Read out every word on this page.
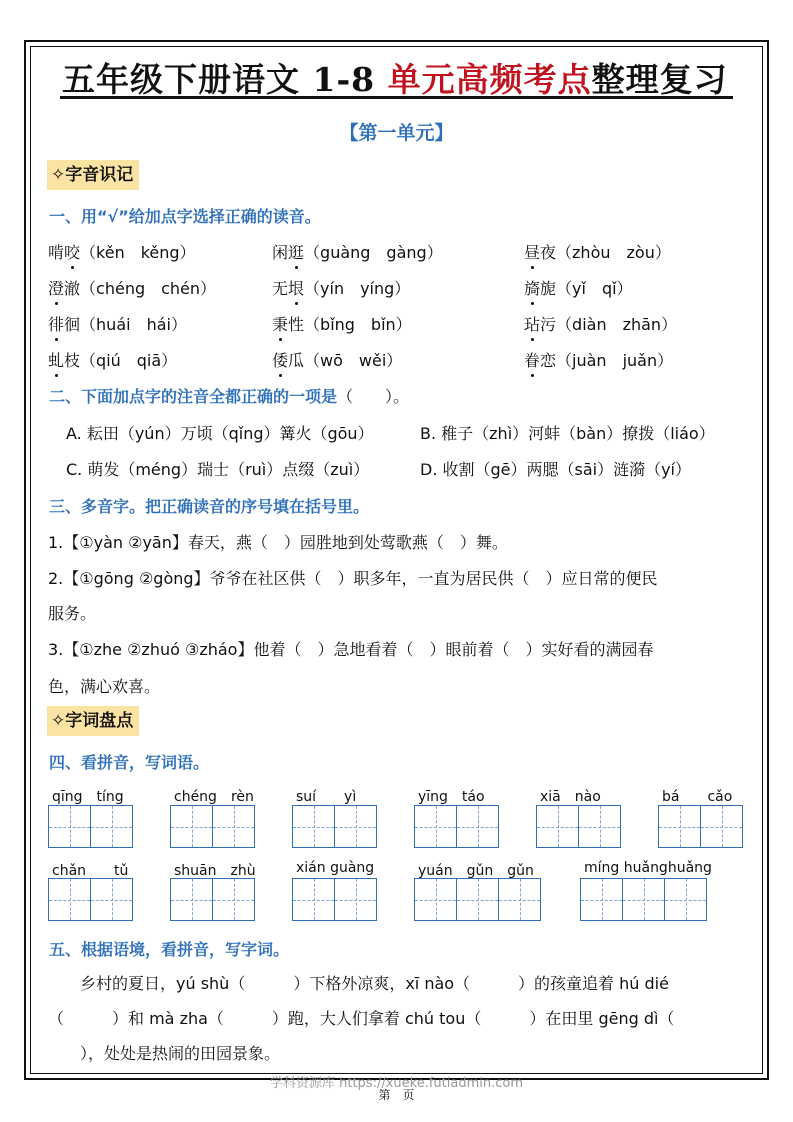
五年级下册语文 1-8 单元高频考点整理复习
【第一单元】
✧字音识记
一、用“√”给加点字选择正确的读音。
啃咬（kěn　kěng）	闲逛（guàng　gàng）	昼夜（zhòu　zòu）
澄澈（chéng　chén）	无垠（yín　yíng）	旖旎（yǐ　qǐ）
徘徊（huái　hái）	秉性（bǐng　bǐn）	玷污（diàn　zhān）
虬枝（qiú　qiā）	倭瓜（wō　wěi）	眷恋（juàn　juǎn）
二、下面加点字的注音全都正确的一项是（　　）。
A. 耘田（yún）万顷（qǐng）篝火（gōu）	B. 稚子（zhì）河蚌（bàn）撩拨（liáo）
C. 萌发（méng）瑞士（ruì）点缀（zuì）	D. 收割（gē）两腮（sāi）涟漪（yí）
三、多音字。把正确读音的序号填在括号里。
1.【①yàn ②yān】春天，燕（　）园胜地到处莺歌燕（　）舞。
2.【①gōng ②gòng】爷爷在社区供（　）职多年，一直为居民供（　）应日常的便民
服务。
3.【①zhe ②zhuó ③zháo】他着（　）急地看着（　）眼前着（　）实好看的满园春
色，满心欢喜。
✧字词盘点
四、看拼音，写词语。
qīng　tíng	chéng　rèn	suí　　yì	yīng　táo	xiā　nào	bá　　cǎo
chǎn　　tǔ	shuān　zhù	xián guàng	yuán　gǔn　gǔn	míng huǎnghuǎng
五、根据语境，看拼音，写字词。
　　乡村的夏日，yú shù（　　　）下格外凉爽，xī nào（　　　）的孩童追着 hú dié
（　　　）和 mà zha（　　　）跑，大人们拿着 chú tou（　　　）在田里 gēng dì（
　　），处处是热闹的田园景象。
学科资源库 https://xueke.futiadmin.com
第　页
